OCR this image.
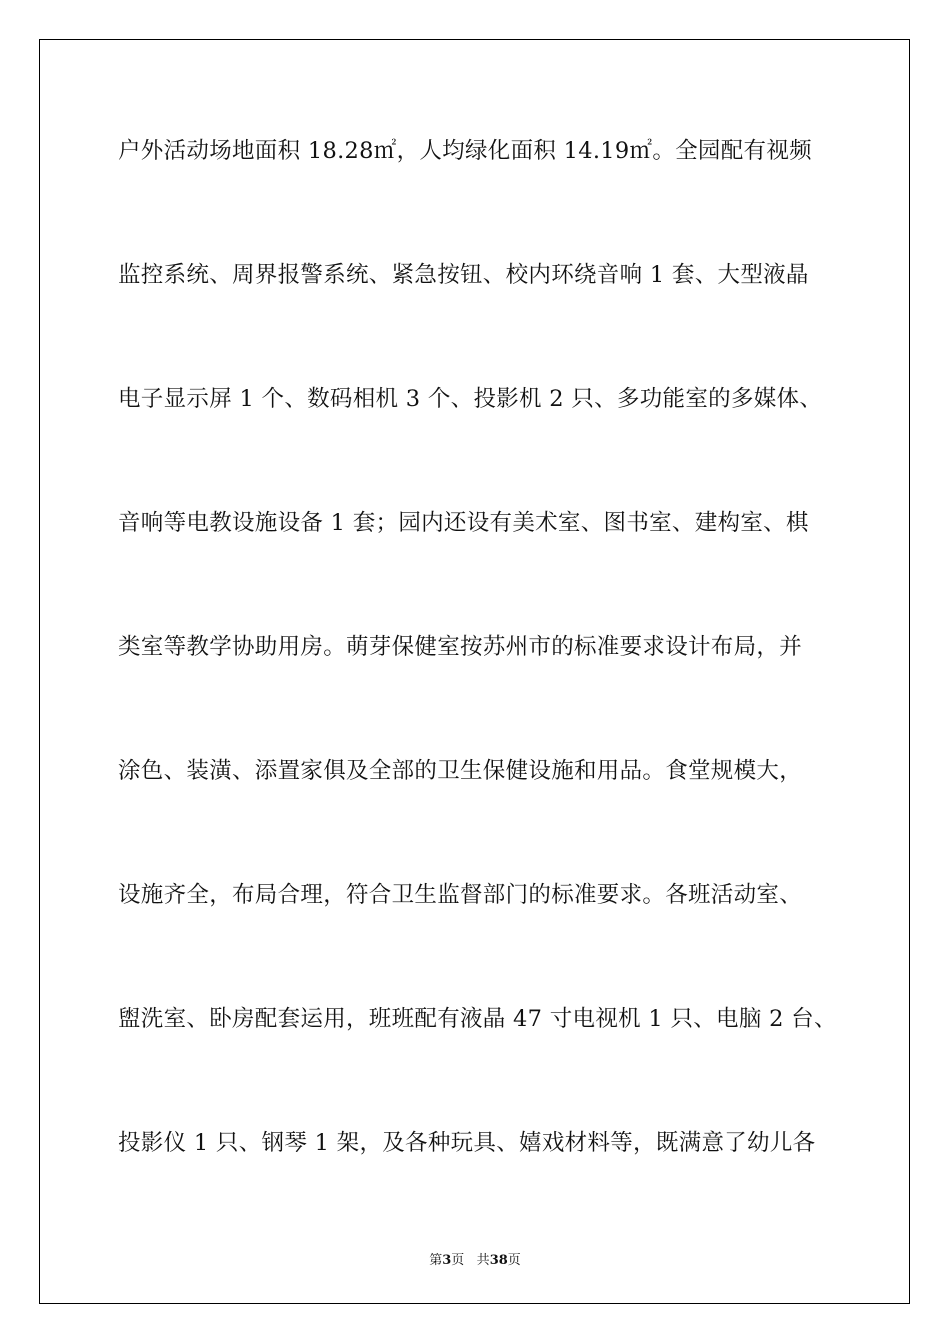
户外活动场地面积 18.28㎡，人均绿化面积 14.19㎡。全园配有视频
监控系统、周界报警系统、紧急按钮、校内环绕音响 1 套、大型液晶
电子显示屏 1 个、数码相机 3 个、投影机 2 只、多功能室的多媒体、
音响等电教设施设备 1 套；园内还设有美术室、图书室、建构室、棋
类室等教学协助用房。萌芽保健室按苏州市的标准要求设计布局，并
涂色、装潢、添置家俱及全部的卫生保健设施和用品。食堂规模大，
设施齐全，布局合理，符合卫生监督部门的标准要求。各班活动室、
盥洗室、卧房配套运用，班班配有液晶 47 寸电视机 1 只、电脑 2 台、
投影仪 1 只、钢琴 1 架，及各种玩具、嬉戏材料等，既满意了幼儿各
第3页 共38页
